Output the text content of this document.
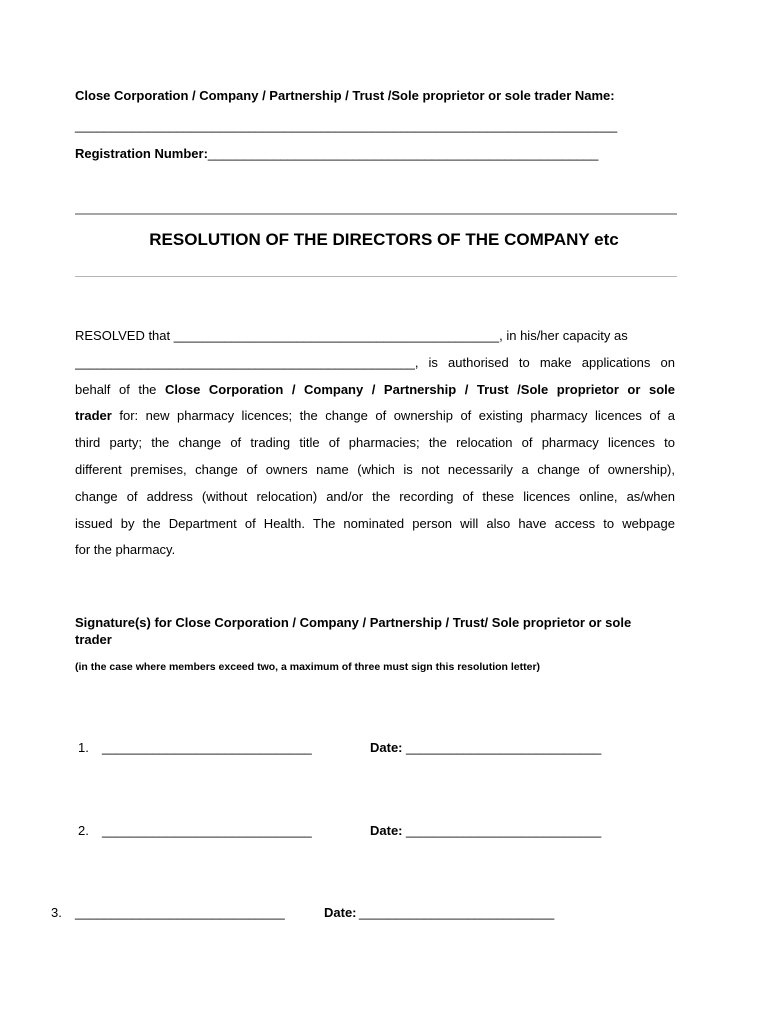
Close Corporation / Company / Partnership / Trust /Sole proprietor or sole trader Name:
___________________________________________________________________________
Registration Number:______________________________________________________
RESOLUTION OF THE DIRECTORS OF THE COMPANY etc
RESOLVED that _____________________________________________, in his/her capacity as
_______________________________________________, is authorised to make applications on
behalf of the Close Corporation / Company / Partnership / Trust /Sole proprietor or sole
trader for: new pharmacy licences; the change of ownership of existing pharmacy licences of a
third party; the change of trading title of pharmacies; the relocation of pharmacy licences to
different premises, change of owners name (which is not necessarily a change of ownership),
change of address (without relocation) and/or the recording of these licences online, as/when
issued by the Department of Health. The nominated person will also have access to webpage
for the pharmacy.
Signature(s) for Close Corporation / Company / Partnership / Trust/ Sole proprietor or sole
trader
(in the case where members exceed two, a maximum of three must sign this resolution letter)
1. _____________________________	Date: ___________________________
2. _____________________________	Date: ___________________________
3. _____________________________	Date: ___________________________
